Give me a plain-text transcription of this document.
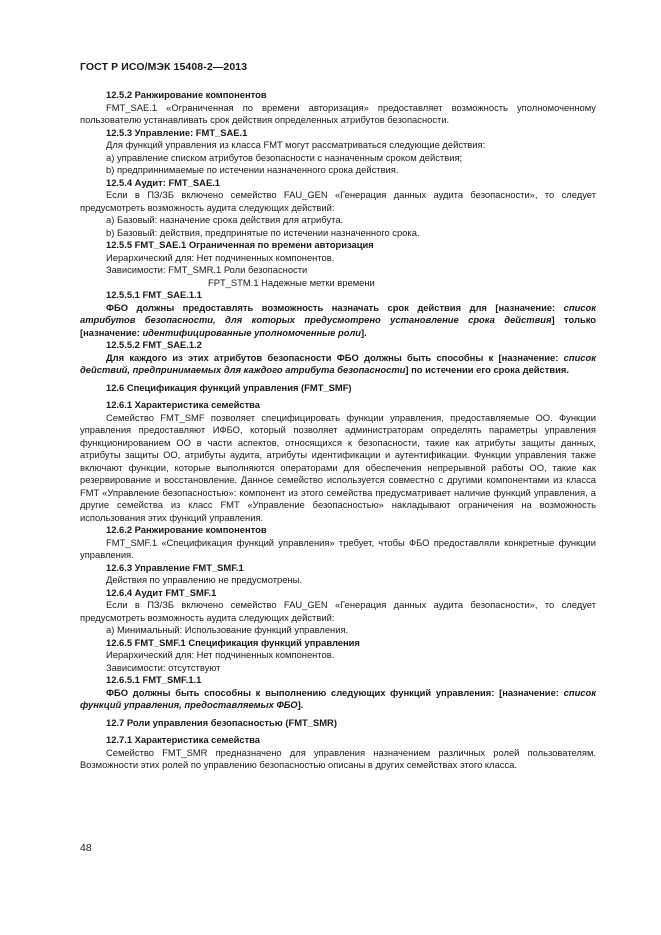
ГОСТ Р ИСО/МЭК 15408-2—2013

12.5.2 Ранжирование компонентов

FMT_SAE.1 «Ограниченная по времени авторизация» предоставляет возможность уполномоченному пользователю устанавливать срок действия определенных атрибутов безопасности.

12.5.3 Управление: FMT_SAE.1

Для функций управления из класса FMT могут рассматриваться следующие действия:

a) управление списком атрибутов безопасности с назначенным сроком действия;

b) предприннимаемые по истечении назначенного срока действия.

12.5.4 Аудит: FMT_SAE.1

Если в ПЗ/ЗБ включено семейство FAU_GEN «Генерация данных аудита безопасности», то следует предусмотреть возможность аудита следующих действий:

a) Базовый: назначение срока действия для атрибута.

b) Базовый: действия, предпринятые по истечении назначенного срока.

12.5.5 FMT_SAE.1 Ограниченная по времени авторизация

Иерархический для: Нет подчиненных компонентов.

Зависимости: FMT_SMR.1 Роли безопасности

FPT_STM.1 Надежные метки времени

12.5.5.1 FMT_SAE.1.1

ФБО должны предоставлять возможность назначать срок действия для [назначение: список атрибутов безопасности, для которых предусмотрено установление срока действия] только [назначение: идентифицированные уполномоченные роли].

12.5.5.2 FMT_SAE.1.2

Для каждого из этих атрибутов безопасности ФБО должны быть способны к [назначение: список действий, предпринимаемых для каждого атрибута безопасности] по истечении его срока действия.

12.6 Спецификация функций управления (FMT_SMF)

12.6.1 Характеристика семейства

Семейство FMT_SMF позволяет специфицировать функции управления, предоставляемые ОО. Функции управления предоставляют ИФБО, который позволяет администраторам определять параметры управления функционированием ОО в части аспектов, относящихся к безопасности, такие как атрибуты защиты данных, атрибуты защиты ОО, атрибуты аудита, атрибуты идентификации и аутентификации. Функции управления также включают функции, которые выполняются операторами для обеспечения непрерывной работы ОО, такие как резервирование и восстановление. Данное семейство используется совместно с другими компонентами из класса FMT «Управление безопасностью»: компонент из этого семейства предусматривает наличие функций управления, а другие семейства из класс FMT «Управление безопасностью» накладывают ограничения на возможность использования этих функций управления.

12.6.2 Ранжирование компонентов

FMT_SMF.1 «Спецификация функций управления» требует, чтобы ФБО предоставляли конкретные функции управления.

12.6.3 Управление FMT_SMF.1

Действия по управлению не предусмотрены.

12.6.4 Аудит FMT_SMF.1

Если в ПЗ/ЗБ включено семейство FAU_GEN «Генерация данных аудита безопасности», то следует предусмотреть возможность аудита следующих действий:

a) Минимальный: Использование функций управления.

12.6.5 FMT_SMF.1 Спецификация функций управления

Иерархический для: Нет подчиненных компонентов.

Зависимости: отсутствуют

12.6.5.1 FMT_SMF.1.1

ФБО должны быть способны к выполнению следующих функций управления: [назначение: список функций управления, предоставляемых ФБО].

12.7 Роли управления безопасностью (FMT_SMR)

12.7.1 Характеристика семейства

Семейство FMT_SMR предназначено для управления назначением различных ролей пользователям. Возможности этих ролей по управлению безопасностью описаны в других семействах этого класса.

48
